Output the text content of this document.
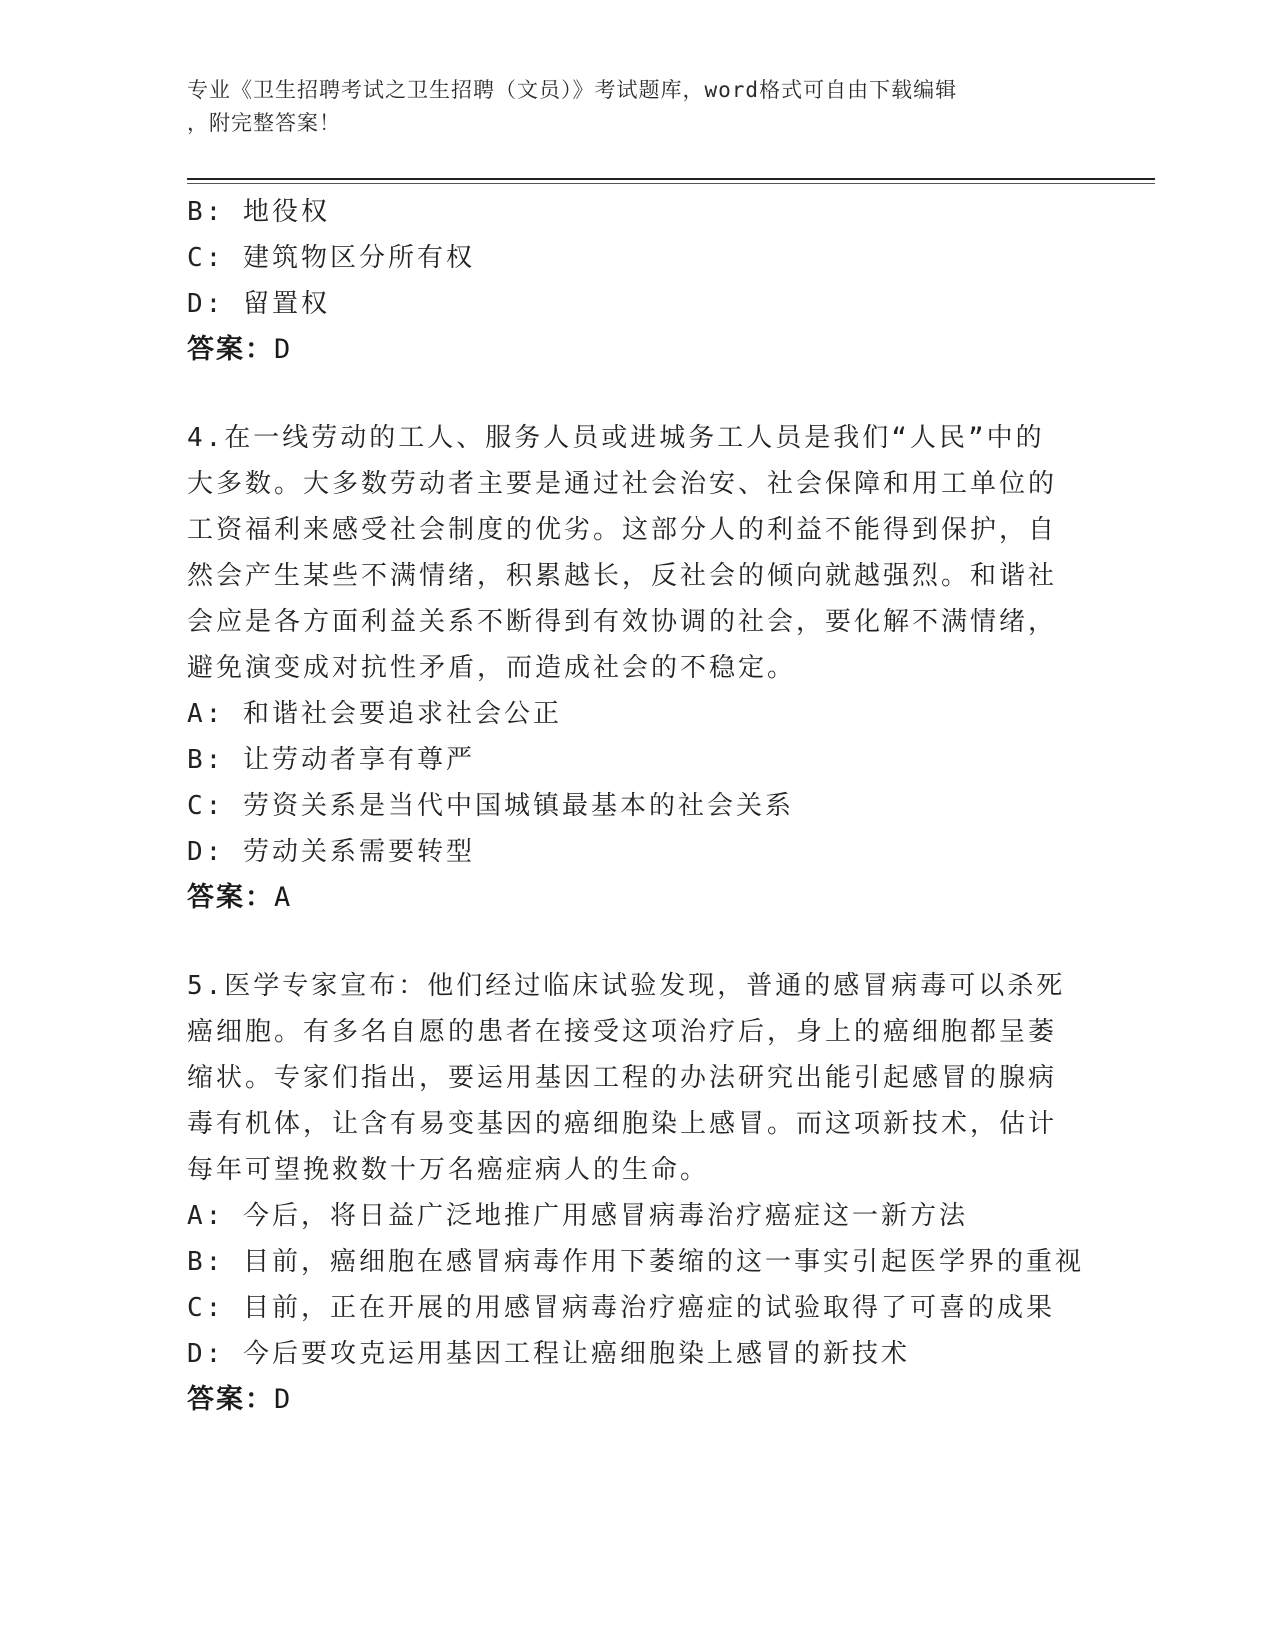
专业《卫生招聘考试之卫生招聘（文员）》考试题库，word格式可自由下载编辑
，附完整答案！
B: 地役权
C: 建筑物区分所有权
D: 留置权
答案：D
4.在一线劳动的工人、服务人员或进城务工人员是我们“人民”中的
大多数。大多数劳动者主要是通过社会治安、社会保障和用工单位的
工资福利来感受社会制度的优劣。这部分人的利益不能得到保护，自
然会产生某些不满情绪，积累越长，反社会的倾向就越强烈。和谐社
会应是各方面利益关系不断得到有效协调的社会，要化解不满情绪，
避免演变成对抗性矛盾，而造成社会的不稳定。
A: 和谐社会要追求社会公正
B: 让劳动者享有尊严
C: 劳资关系是当代中国城镇最基本的社会关系
D: 劳动关系需要转型
答案：A
5.医学专家宣布：他们经过临床试验发现，普通的感冒病毒可以杀死
癌细胞。有多名自愿的患者在接受这项治疗后，身上的癌细胞都呈萎
缩状。专家们指出，要运用基因工程的办法研究出能引起感冒的腺病
毒有机体，让含有易变基因的癌细胞染上感冒。而这项新技术，估计
每年可望挽救数十万名癌症病人的生命。
A: 今后，将日益广泛地推广用感冒病毒治疗癌症这一新方法
B: 目前，癌细胞在感冒病毒作用下萎缩的这一事实引起医学界的重视
C: 目前，正在开展的用感冒病毒治疗癌症的试验取得了可喜的成果
D: 今后要攻克运用基因工程让癌细胞染上感冒的新技术
答案：D
